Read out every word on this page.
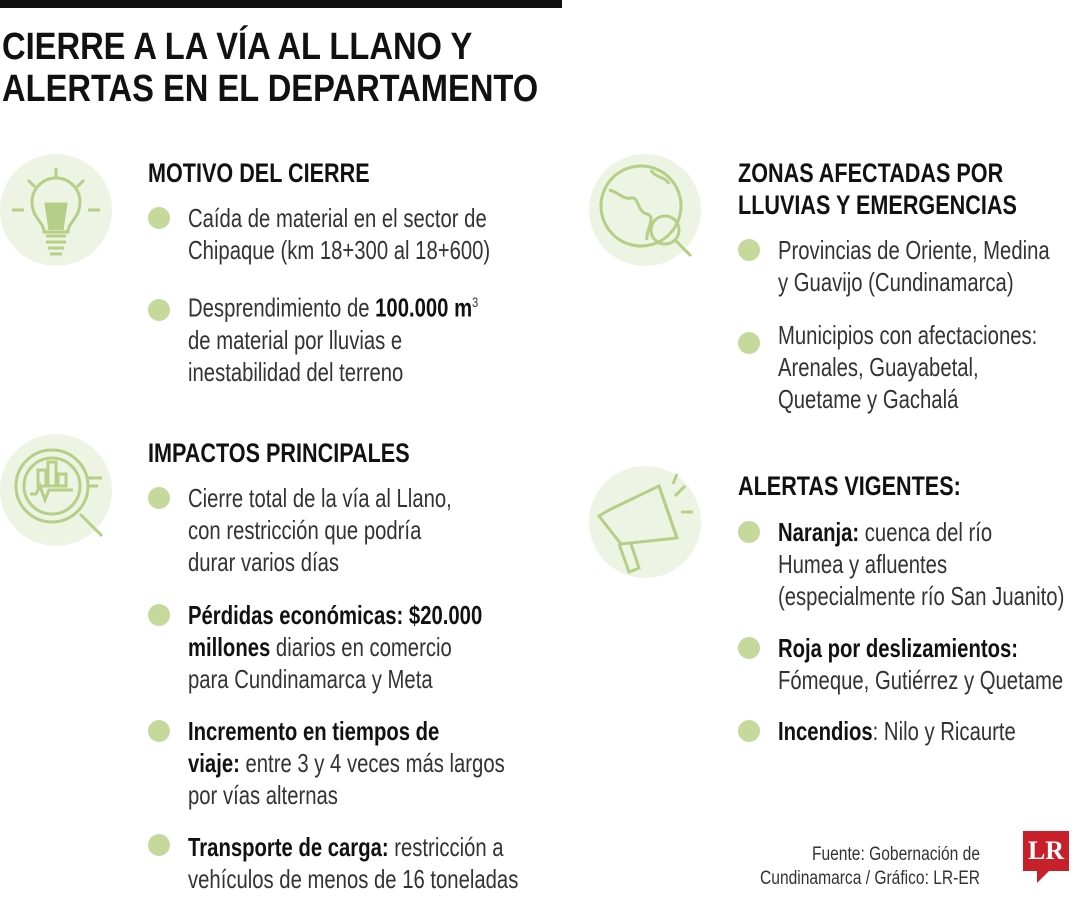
CIERRE A LA VÍA AL LLANO Y
ALERTAS EN EL DEPARTAMENTO
MOTIVO DEL CIERRE
Caída de material en el sector de
Chipaque (km 18+300 al 18+600)
Desprendimiento de 100.000 $m^3$
de material por lluvias e
inestabilidad del terreno
IMPACTOS PRINCIPALES
Cierre total de la vía al Llano,
con restricción que podría
durar varios días
Pérdidas económicas: $20.000
millones diarios en comercio
para Cundinamarca y Meta
Incremento en tiempos de
viaje: entre 3 y 4 veces más largos
por vías alternas
Transporte de carga: restricción a
vehículos de menos de 16 toneladas
ZONAS AFECTADAS POR
LLUVIAS Y EMERGENCIAS
Provincias de Oriente, Medina
y Guavijo (Cundinamarca)
Municipios con afectaciones:
Arenales, Guayabetal,
Quetame y Gachalá
ALERTAS VIGENTES:
Naranja: cuenca del río
Humea y afluentes
(especialmente río San Juanito)
Roja por deslizamientos:
Fómeque, Gutiérrez y Quetame
Incendios: Nilo y Ricaurte
Fuente: Gobernación de
Cundinamarca / Gráfico: LR-ER
LR
